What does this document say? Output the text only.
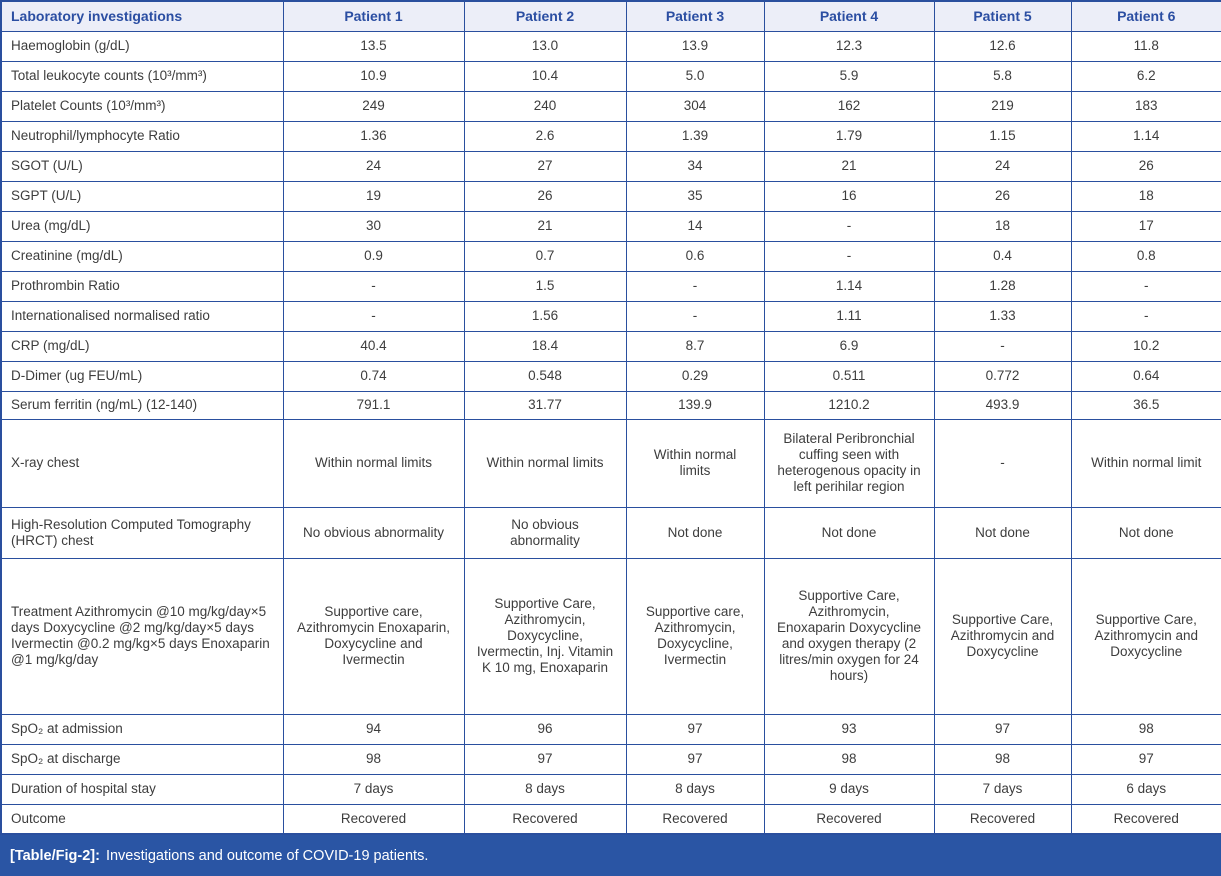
Laboratory investigations	Patient 1	Patient 2	Patient 3	Patient 4	Patient 5	Patient 6
Haemoglobin (g/dL)	13.5	13.0	13.9	12.3	12.6	11.8
Total leukocyte counts (10³/mm³)	10.9	10.4	5.0	5.9	5.8	6.2
Platelet Counts (10³/mm³)	249	240	304	162	219	183
Neutrophil/lymphocyte Ratio	1.36	2.6	1.39	1.79	1.15	1.14
SGOT (U/L)	24	27	34	21	24	26
SGPT (U/L)	19	26	35	16	26	18
Urea (mg/dL)	30	21	14	-	18	17
Creatinine (mg/dL)	0.9	0.7	0.6	-	0.4	0.8
Prothrombin Ratio	-	1.5	-	1.14	1.28	-
Internationalised normalised ratio	-	1.56	-	1.11	1.33	-
CRP (mg/dL)	40.4	18.4	8.7	6.9	-	10.2
D-Dimer (ug FEU/mL)	0.74	0.548	0.29	0.511	0.772	0.64
Serum ferritin (ng/mL) (12-140)	791.1	31.77	139.9	1210.2	493.9	36.5
X-ray chest	Within normal limits	Within normal limits	Within normal limits	Bilateral Peribronchial cuffing seen with heterogenous opacity in left perihilar region	-	Within normal limit
High-Resolution Computed Tomography (HRCT) chest	No obvious abnormality	No obvious abnormality	Not done	Not done	Not done	Not done
Treatment Azithromycin @10 mg/kg/day×5 days Doxycycline @2 mg/kg/day×5 days Ivermectin @0.2 mg/kg×5 days Enoxaparin @1 mg/kg/day	Supportive care, Azithromycin Enoxaparin, Doxycycline and Ivermectin	Supportive Care, Azithromycin, Doxycycline, Ivermectin, Inj. Vitamin K 10 mg, Enoxaparin	Supportive care, Azithromycin, Doxycycline, Ivermectin	Supportive Care, Azithromycin, Enoxaparin Doxycycline and oxygen therapy (2 litres/min oxygen for 24 hours)	Supportive Care, Azithromycin and Doxycycline	Supportive Care, Azithromycin and Doxycycline
SpO₂ at admission	94	96	97	93	97	98
SpO₂ at discharge	98	97	97	98	98	97
Duration of hospital stay	7 days	8 days	8 days	9 days	7 days	6 days
Outcome	Recovered	Recovered	Recovered	Recovered	Recovered	Recovered
[Table/Fig-2]: Investigations and outcome of COVID-19 patients.
